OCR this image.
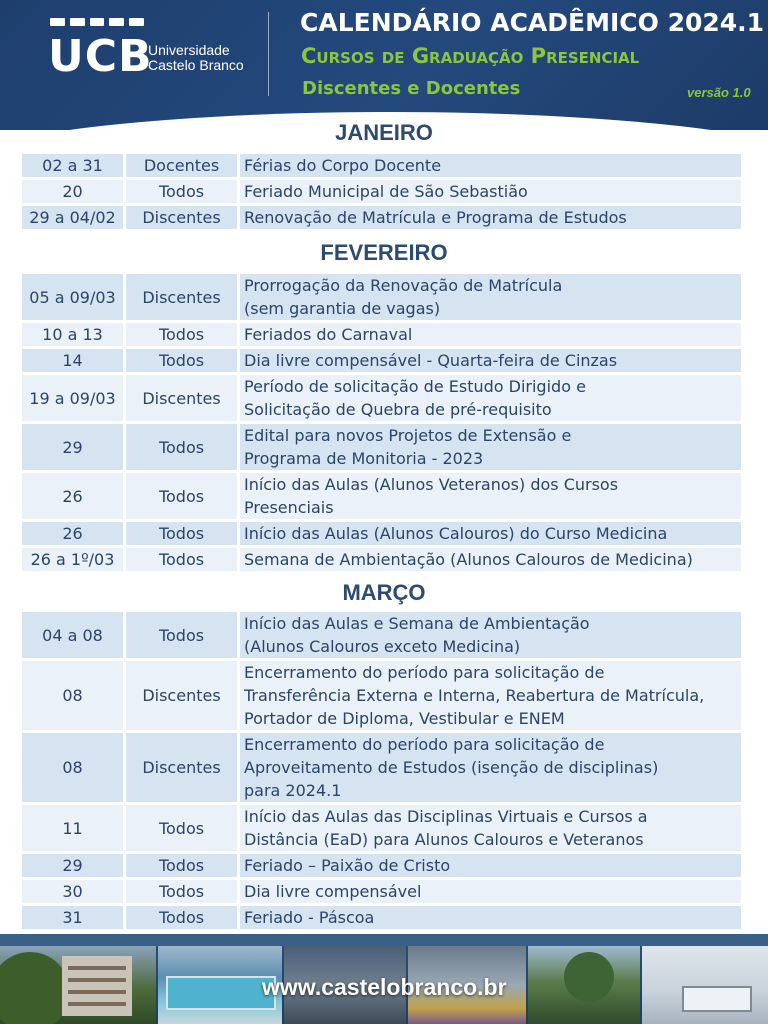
UCB
Universidade
Castelo Branco
CALENDÁRIO ACADÊMICO 2024.1
Cursos de Graduação Presencial
Discentes e Docentes	versão 1.0
JANEIRO
02 a 31	Docentes	Férias do Corpo Docente
20	Todos	Feriado Municipal de São Sebastião
29 a 04/02	Discentes	Renovação de Matrícula e Programa de Estudos
FEVEREIRO
05 a 09/03	Discentes	Prorrogação da Renovação de Matrícula
(sem garantia de vagas)
10 a 13	Todos	Feriados do Carnaval
14	Todos	Dia livre compensável - Quarta-feira de Cinzas
19 a 09/03	Discentes	Período de solicitação de Estudo Dirigido e
Solicitação de Quebra de pré-requisito
29	Todos	Edital para novos Projetos de Extensão e
Programa de Monitoria - 2023
26	Todos	Início das Aulas (Alunos Veteranos) dos Cursos
Presenciais
26	Todos	Início das Aulas (Alunos Calouros) do Curso Medicina
26 a 1º/03	Todos	Semana de Ambientação (Alunos Calouros de Medicina)
MARÇO
04 a 08	Todos	Início das Aulas e Semana de Ambientação
(Alunos Calouros exceto Medicina)
08	Discentes	Encerramento do período para solicitação de
Transferência Externa e Interna, Reabertura de Matrícula,
Portador de Diploma, Vestibular e ENEM
08	Discentes	Encerramento do período para solicitação de
Aproveitamento de Estudos (isenção de disciplinas)
para 2024.1
11	Todos	Início das Aulas das Disciplinas Virtuais e Cursos a
Distância (EaD) para Alunos Calouros e Veteranos
29	Todos	Feriado – Paixão de Cristo
30	Todos	Dia livre compensável
31	Todos	Feriado - Páscoa
www.castelobranco.br
